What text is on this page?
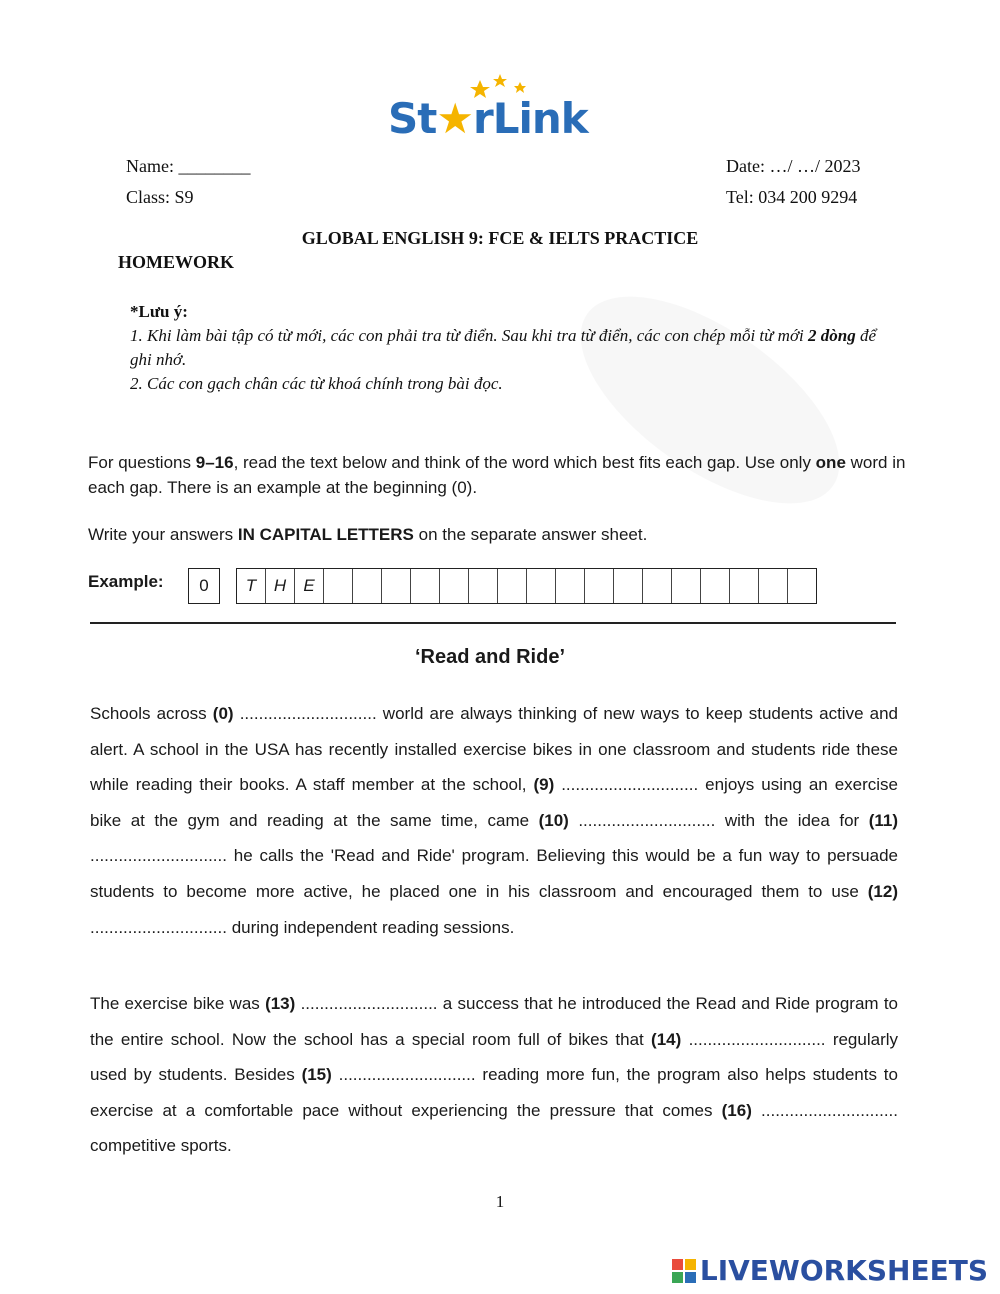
St★rLink
Name: ________	Date: …/ …/ 2023
Class: S9	Tel: 034 200 9294
GLOBAL ENGLISH 9: FCE & IELTS PRACTICE
HOMEWORK
*Lưu ý:
1. Khi làm bài tập có từ mới, các con phải tra từ điển. Sau khi tra từ điển, các con chép mỗi từ mới 2 dòng để ghi nhớ.
2. Các con gạch chân các từ khoá chính trong bài đọc.
For questions 9–16, read the text below and think of the word which best fits each gap. Use only one word in each gap. There is an example at the beginning (0).
Write your answers IN CAPITAL LETTERS on the separate answer sheet.
Example:	0	T	H	E
‘Read and Ride’
Schools across (0) ............................. world are always thinking of new ways to keep students active and alert. A school in the USA has recently installed exercise bikes in one classroom and students ride these while reading their books. A staff member at the school, (9) ............................. enjoys using an exercise bike at the gym and reading at the same time, came (10) ............................. with the idea for (11) ............................. he calls the 'Read and Ride' program. Believing this would be a fun way to persuade students to become more active, he placed one in his classroom and encouraged them to use (12) ............................. during independent reading sessions.
The exercise bike was (13) ............................. a success that he introduced the Read and Ride program to the entire school. Now the school has a special room full of bikes that (14) ............................. regularly used by students. Besides (15) ............................. reading more fun, the program also helps students to exercise at a comfortable pace without experiencing the pressure that comes (16) ............................. competitive sports.
1
LIVEWORKSHEETS
